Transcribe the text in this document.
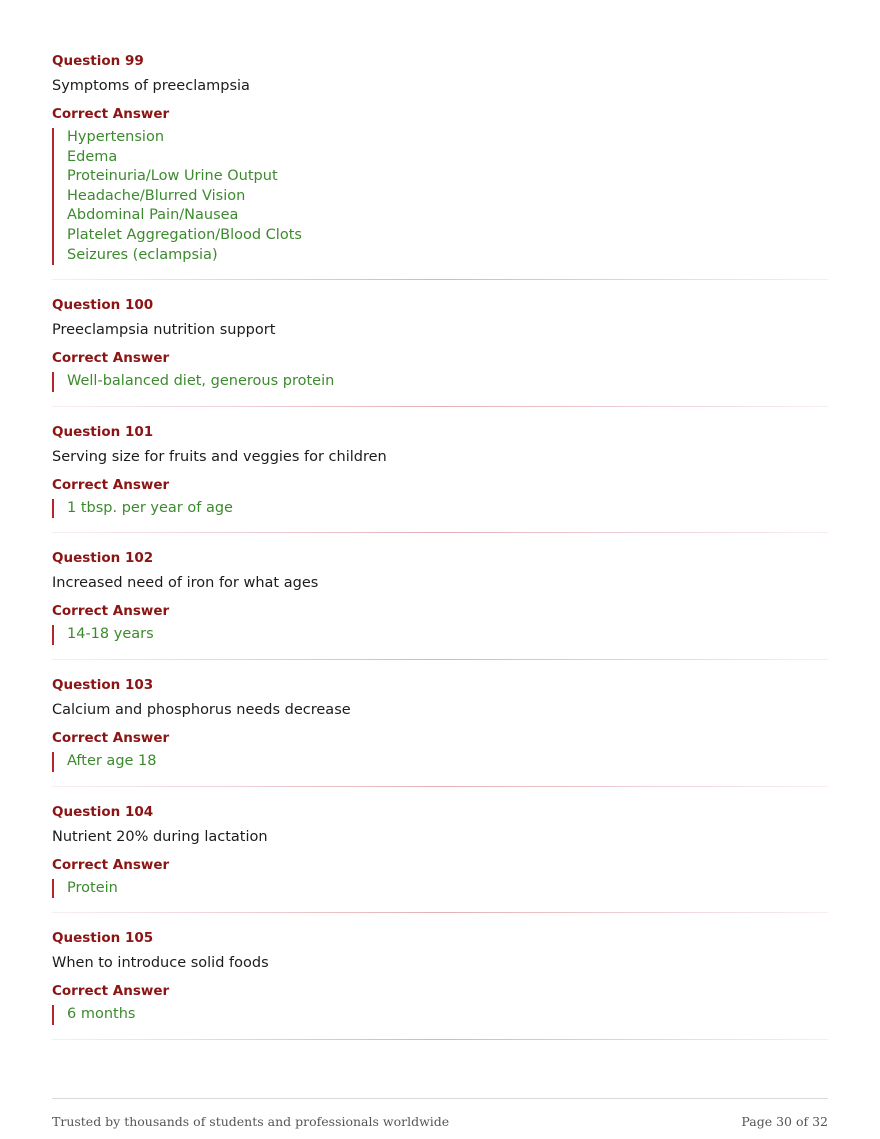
Question 99
Symptoms of preeclampsia
Correct Answer
Hypertension
Edema
Proteinuria/Low Urine Output
Headache/Blurred Vision
Abdominal Pain/Nausea
Platelet Aggregation/Blood Clots
Seizures (eclampsia)
Question 100
Preeclampsia nutrition support
Correct Answer
Well-balanced diet, generous protein
Question 101
Serving size for fruits and veggies for children
Correct Answer
1 tbsp. per year of age
Question 102
Increased need of iron for what ages
Correct Answer
14-18 years
Question 103
Calcium and phosphorus needs decrease
Correct Answer
After age 18
Question 104
Nutrient 20% during lactation
Correct Answer
Protein
Question 105
When to introduce solid foods
Correct Answer
6 months
Trusted by thousands of students and professionals worldwide	Page 30 of 32
